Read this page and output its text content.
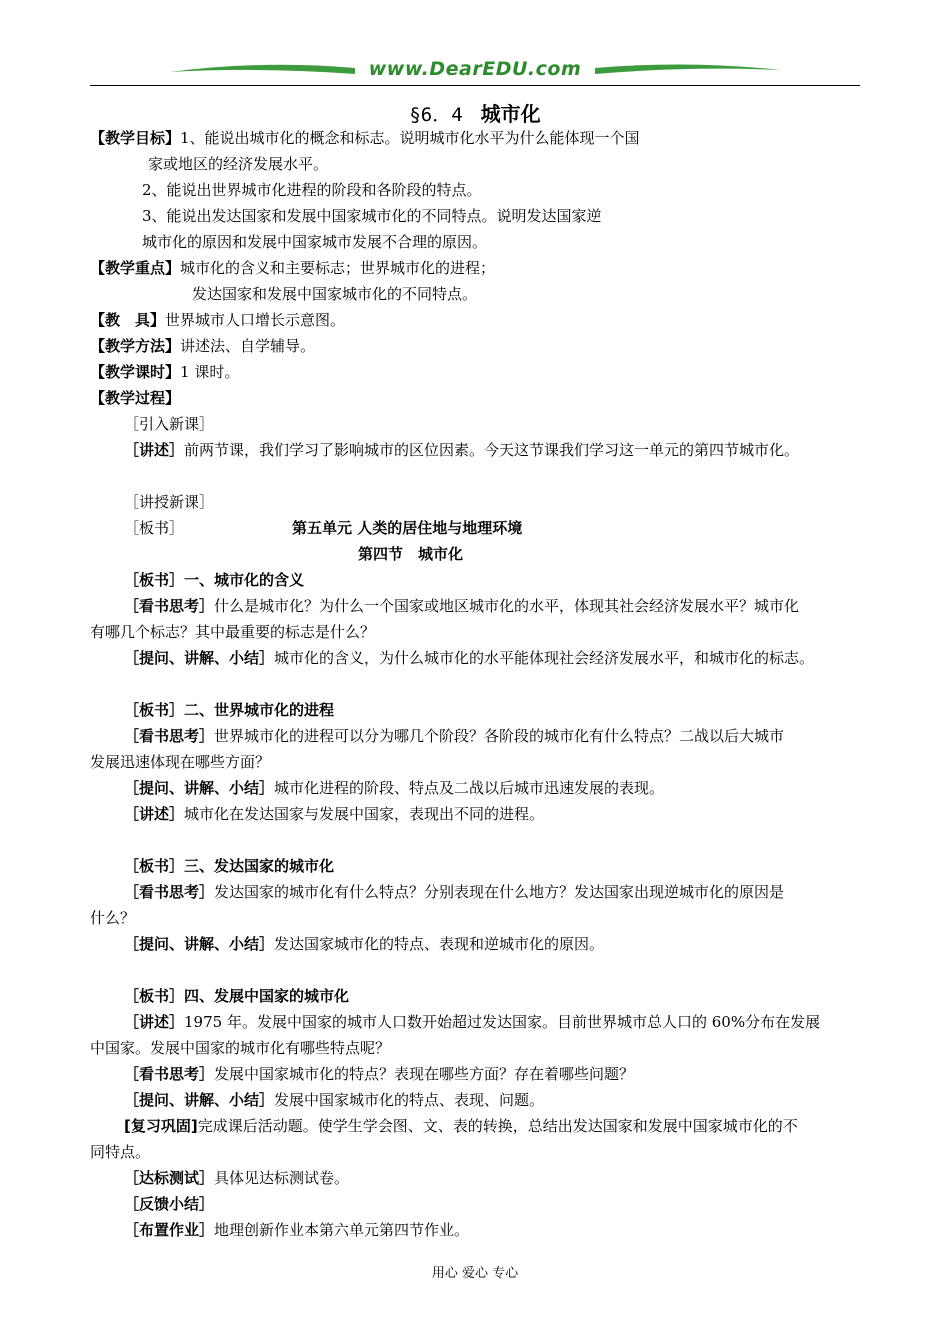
www.DearEDU.com
§6．4 城市化
【教学目标】1、能说出城市化的概念和标志。说明城市化水平为什么能体现一个国
家或地区的经济发展水平。
2、能说出世界城市化进程的阶段和各阶段的特点。
3、能说出发达国家和发展中国家城市化的不同特点。说明发达国家逆
城市化的原因和发展中国家城市发展不合理的原因。
【教学重点】城市化的含义和主要标志；世界城市化的进程；
发达国家和发展中国家城市化的不同特点。
【教　具】世界城市人口增长示意图。
【教学方法】讲述法、自学辅导。
【教学课时】1 课时。
【教学过程】
［引入新课］
［讲述］前两节课，我们学习了影响城市的区位因素。今天这节课我们学习这一单元的第四节城市化。
［讲授新课］
［板书］	第五单元 人类的居住地与地理环境
第四节　城市化
［板书］一、城市化的含义
［看书思考］什么是城市化？为什么一个国家或地区城市化的水平，体现其社会经济发展水平？城市化
有哪几个标志？其中最重要的标志是什么？
［提问、讲解、小结］城市化的含义，为什么城市化的水平能体现社会经济发展水平，和城市化的标志。
［板书］二、世界城市化的进程
［看书思考］世界城市化的进程可以分为哪几个阶段？各阶段的城市化有什么特点？二战以后大城市
发展迅速体现在哪些方面？
［提问、讲解、小结］城市化进程的阶段、特点及二战以后城市迅速发展的表现。
［讲述］城市化在发达国家与发展中国家，表现出不同的进程。
［板书］三、发达国家的城市化
［看书思考］发达国家的城市化有什么特点？分别表现在什么地方？发达国家出现逆城市化的原因是
什么？
［提问、讲解、小结］发达国家城市化的特点、表现和逆城市化的原因。
［板书］四、发展中国家的城市化
［讲述］1975 年。发展中国家的城市人口数开始超过发达国家。目前世界城市总人口的 60%分布在发展
中国家。发展中国家的城市化有哪些特点呢？
［看书思考］发展中国家城市化的特点？表现在哪些方面？存在着哪些问题？
［提问、讲解、小结］发展中国家城市化的特点、表现、问题。
[复习巩固]完成课后活动题。使学生学会图、文、表的转换，总结出发达国家和发展中国家城市化的不
同特点。
［达标测试］具体见达标测试卷。
［反馈小结］
［布置作业］地理创新作业本第六单元第四节作业。
用心 爱心 专心
